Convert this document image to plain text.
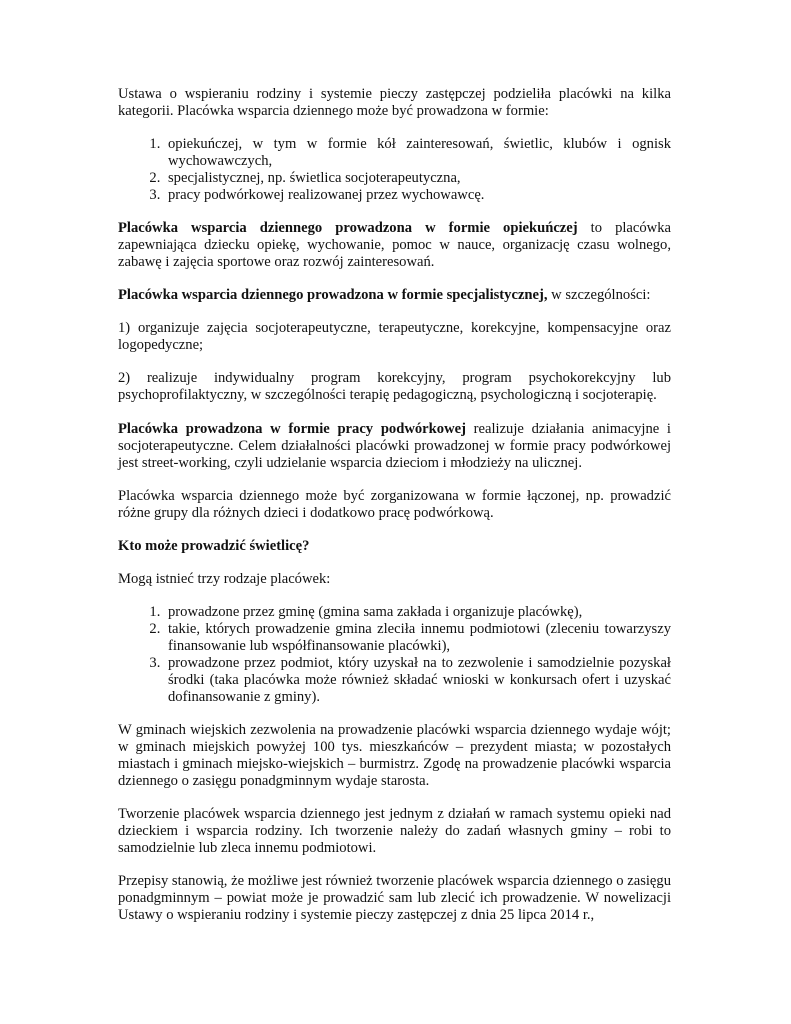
Ustawa o wspieraniu rodziny i systemie pieczy zastępczej podzieliła placówki na kilka kategorii. Placówka wsparcia dziennego może być prowadzona w formie:

1. opiekuńczej, w tym w formie kół zainteresowań, świetlic, klubów i ognisk wychowawczych,
2. specjalistycznej, np. świetlica socjoterapeutyczna,
3. pracy podwórkowej realizowanej przez wychowawcę.

Placówka wsparcia dziennego prowadzona w formie opiekuńczej to placówka zapewniająca dziecku opiekę, wychowanie, pomoc w nauce, organizację czasu wolnego, zabawę i zajęcia sportowe oraz rozwój zainteresowań.

Placówka wsparcia dziennego prowadzona w formie specjalistycznej, w szczególności:

1) organizuje zajęcia socjoterapeutyczne, terapeutyczne, korekcyjne, kompensacyjne oraz logopedyczne;

2) realizuje indywidualny program korekcyjny, program psychokorekcyjny lub psychoprofilaktyczny, w szczególności terapię pedagogiczną, psychologiczną i socjoterapię.

Placówka prowadzona w formie pracy podwórkowej realizuje działania animacyjne i socjoterapeutyczne. Celem działalności placówki prowadzonej w formie pracy podwórkowej jest street-working, czyli udzielanie wsparcia dzieciom i młodzieży na ulicznej.

Placówka wsparcia dziennego może być zorganizowana w formie łączonej, np. prowadzić różne grupy dla różnych dzieci i dodatkowo pracę podwórkową.

Kto może prowadzić świetlicę?

Mogą istnieć trzy rodzaje placówek:

1. prowadzone przez gminę (gmina sama zakłada i organizuje placówkę),
2. takie, których prowadzenie gmina zleciła innemu podmiotowi (zleceniu towarzyszy finansowanie lub współfinansowanie placówki),
3. prowadzone przez podmiot, który uzyskał na to zezwolenie i samodzielnie pozyskał środki (taka placówka może również składać wnioski w konkursach ofert i uzyskać dofinansowanie z gminy).

W gminach wiejskich zezwolenia na prowadzenie placówki wsparcia dziennego wydaje wójt; w gminach miejskich powyżej 100 tys. mieszkańców – prezydent miasta; w pozostałych miastach i gminach miejsko-wiejskich – burmistrz. Zgodę na prowadzenie placówki wsparcia dziennego o zasięgu ponadgminnym wydaje starosta.

Tworzenie placówek wsparcia dziennego jest jednym z działań w ramach systemu opieki nad dzieckiem i wsparcia rodziny. Ich tworzenie należy do zadań własnych gminy – robi to samodzielnie lub zleca innemu podmiotowi.

Przepisy stanowią, że możliwe jest również tworzenie placówek wsparcia dziennego o zasięgu ponadgminnym – powiat może je prowadzić sam lub zlecić ich prowadzenie. W nowelizacji Ustawy o wspieraniu rodziny i systemie pieczy zastępczej z dnia 25 lipca 2014 r.,
